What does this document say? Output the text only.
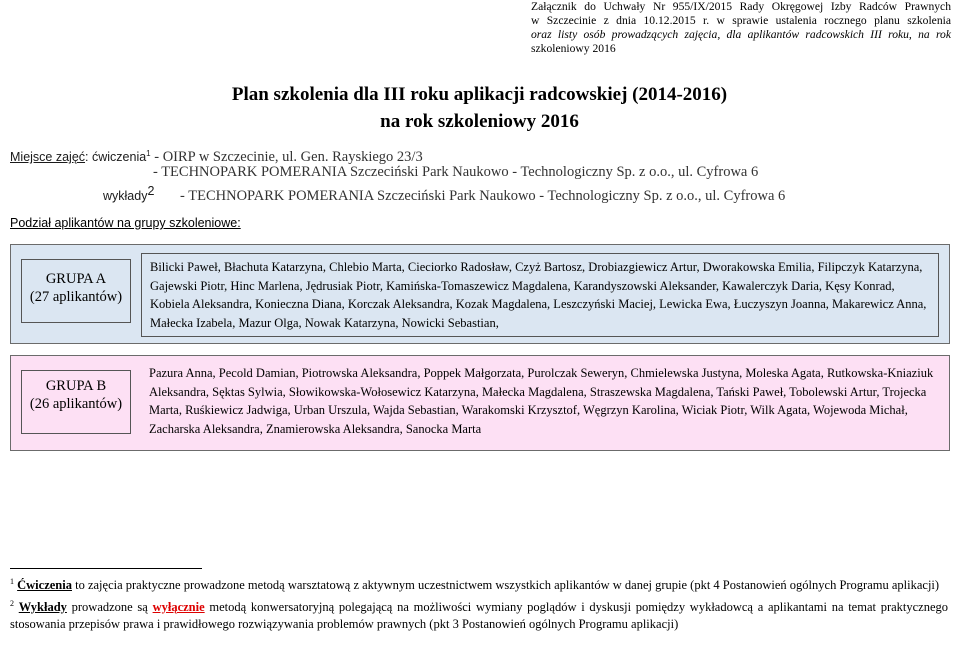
Załącznik do Uchwały Nr 955/IX/2015 Rady Okręgowej Izby Radców Prawnych
w Szczecinie z dnia 10.12.2015 r. w sprawie ustalenia rocznego planu szkolenia
oraz listy osób prowadzących zajęcia, dla aplikantów radcowskich III roku, na rok
szkoleniowy 2016
Plan szkolenia dla III roku aplikacji radcowskiej (2014-2016)
na rok szkoleniowy 2016
Miejsce zajęć: ćwiczenia$^1$ - OIRP w Szczecinie, ul. Gen. Rayskiego 23/3
- TECHNOPARK POMERANIA Szczeciński Park Naukowo - Technologiczny Sp. z o.o., ul. Cyfrowa 6
wykłady$^2$ - TECHNOPARK POMERANIA Szczeciński Park Naukowo - Technologiczny Sp. z o.o., ul. Cyfrowa 6
Podział aplikantów na grupy szkoleniowe:
GRUPA A
(27 aplikantów)
Bilicki Paweł, Błachuta Katarzyna, Chlebio Marta, Cieciorko Radosław, Czyż Bartosz, Drobiazgiewicz Artur, Dworakowska Emilia, Filipczyk Katarzyna, Gajewski Piotr, Hinc Marlena, Jędrusiak Piotr, Kamińska-Tomaszewicz Magdalena, Karandyszowski Aleksander, Kawalerczyk Daria, Kęsy Konrad, Kobiela Aleksandra, Konieczna Diana, Korczak Aleksandra, Kozak Magdalena, Leszczyński Maciej, Lewicka Ewa, Łuczyszyn Joanna, Makarewicz Anna, Małecka Izabela, Mazur Olga, Nowak Katarzyna, Nowicki Sebastian,
GRUPA B
(26 aplikantów)
Pazura Anna, Pecold Damian, Piotrowska Aleksandra, Poppek Małgorzata, Purolczak Seweryn, Chmielewska Justyna, Moleska Agata, Rutkowska-Kniaziuk Aleksandra, Sęktas Sylwia, Słowikowska-Wołosewicz Katarzyna, Małecka Magdalena, Straszewska Magdalena, Tański Paweł, Tobolewski Artur, Trojecka Marta, Ruśkiewicz Jadwiga, Urban Urszula, Wajda Sebastian, Warakomski Krzysztof, Węgrzyn Karolina, Wiciak Piotr, Wilk Agata, Wojewoda Michał, Zacharska Aleksandra, Znamierowska Aleksandra, Sanocka Marta

$^1$ Ćwiczenia to zajęcia praktyczne prowadzone metodą warsztatową z aktywnym uczestnictwem wszystkich aplikantów w danej grupie (pkt 4 Postanowień ogólnych Programu aplikacji)

$^2$ Wykłady prowadzone są wyłącznie metodą konwersatoryjną polegającą na możliwości wymiany poglądów i dyskusji pomiędzy wykładowcą a aplikantami na temat praktycznego stosowania przepisów prawa i prawidłowego rozwiązywania problemów prawnych (pkt 3 Postanowień ogólnych Programu aplikacji)
